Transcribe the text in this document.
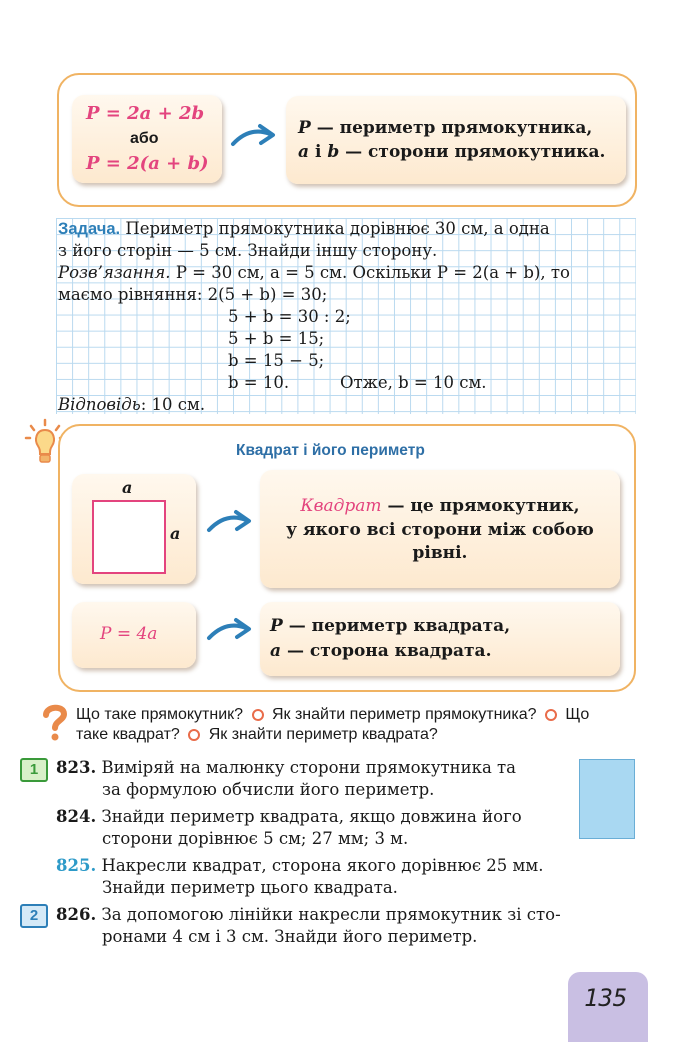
P = 2a + 2b
або
P = 2(a + b)
P — периметр прямокутника,
a і b — сторони прямокутника.
Задача. Периметр прямокутника дорівнює 30 см, а одна
з його сторін — 5 см. Знайди іншу сторону.
Розв’язання. P = 30 см, a = 5 см. Оскільки P = 2(a + b), то
маємо рівняння: 2(5 + b) = 30;
5 + b = 30 : 2;
5 + b = 15;
b = 15 − 5;
b = 10.	Отже, b = 10 см.
Відповідь: 10 см.
Квадрат і його периметр
a
a
Квадрат — це прямокутник,
у якого всі сторони між собою
рівні.
P = 4a	P — периметр квадрата,
a — сторона квадрата.
Що таке прямокутник? Як знайти периметр прямокутника? Що
таке квадрат? Як знайти периметр квадрата?
1	823. Виміряй на малюнку сторони прямокутника та
за формулою обчисли його периметр.
824. Знайди периметр квадрата, якщо довжина його
сторони дорівнює 5 см; 27 мм; 3 м.
825. Накресли квадрат, сторона якого дорівнює 25 мм.
Знайди периметр цього квадрата.
2	826. За допомогою лінійки накресли прямокутник зі сто-
ронами 4 см і 3 см. Знайди його периметр.
135
